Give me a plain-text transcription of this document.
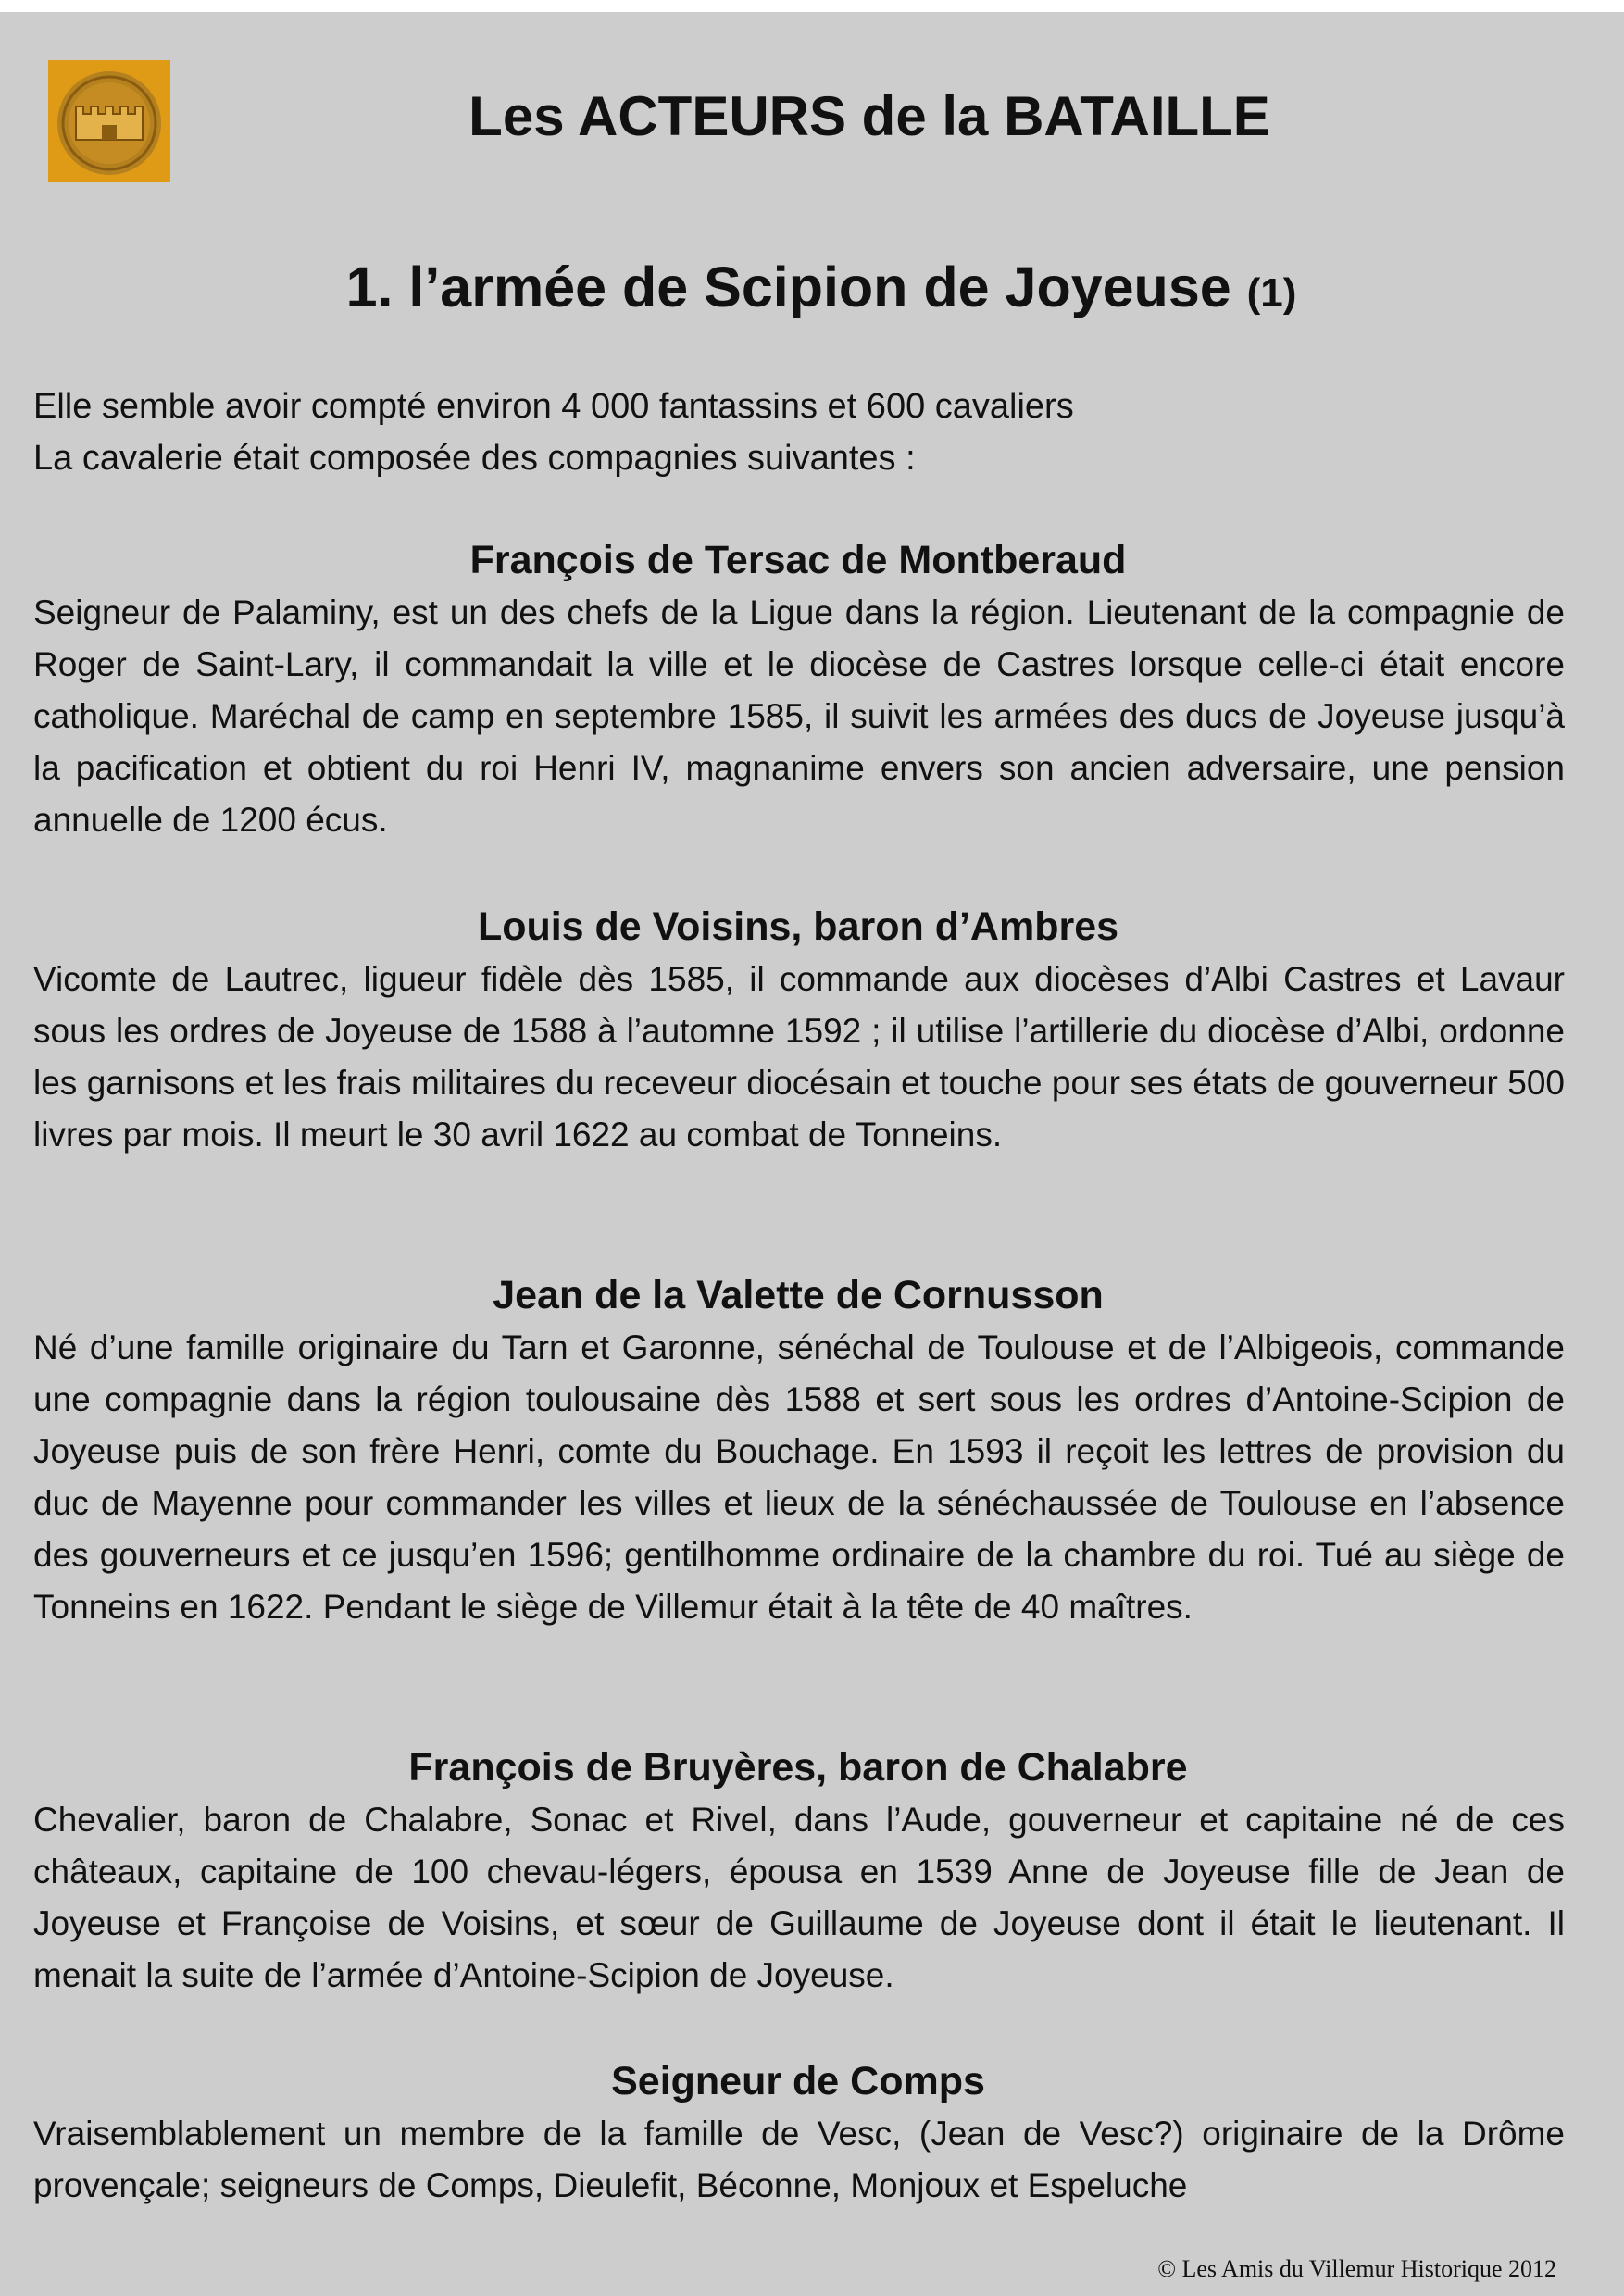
Les ACTEURS de la BATAILLE
1. l’armée de Scipion de Joyeuse (1)

Elle semble avoir compté environ 4 000 fantassins et 600 cavaliers

La cavalerie était composée des compagnies suivantes :

François de Tersac de Montberaud

Seigneur de Palaminy, est un des chefs de la Ligue dans la région. Lieutenant de la compagnie de Roger de Saint-Lary, il commandait la ville et le diocèse de Castres lorsque celle-ci était encore catholique. Maréchal de camp en septembre 1585, il suivit les armées des ducs de Joyeuse jusqu’à la pacification et obtient du roi Henri IV, magnanime envers son ancien adversaire, une pension annuelle de 1200 écus.

Louis de Voisins, baron d’Ambres

Vicomte de Lautrec, ligueur fidèle dès 1585, il commande aux diocèses d’Albi Castres et Lavaur sous les ordres de Joyeuse de 1588 à l’automne 1592 ; il utilise l’artillerie du diocèse d’Albi, ordonne les garnisons et les frais militaires du receveur diocésain et touche pour ses états de gouverneur 500 livres par mois. Il meurt le 30 avril 1622 au combat de Tonneins.

Jean de la Valette de Cornusson

Né d’une famille originaire du Tarn et Garonne, sénéchal de Toulouse et de l’Albigeois, commande une compagnie dans la région toulousaine dès 1588 et sert sous les ordres d’Antoine-Scipion de Joyeuse puis de son frère Henri, comte du Bouchage. En 1593 il reçoit les lettres de provision du duc de Mayenne pour commander les villes et lieux de la sénéchaussée de Toulouse en l’absence des gouverneurs et ce jusqu’en 1596; gentilhomme ordinaire de la chambre du roi. Tué au siège de Tonneins en 1622. Pendant le siège de Villemur était à la tête de 40 maîtres.

François de Bruyères, baron de Chalabre

Chevalier, baron de Chalabre, Sonac et Rivel, dans l’Aude, gouverneur et capitaine né de ces châteaux, capitaine de 100 chevau-légers, épousa en 1539 Anne de Joyeuse fille de Jean de Joyeuse et Françoise de Voisins, et sœur de Guillaume de Joyeuse dont il était le lieutenant. Il menait la suite de l’armée d’Antoine-Scipion de Joyeuse.

Seigneur de Comps

Vraisemblablement un membre de la famille de Vesc, (Jean de Vesc?) originaire de la Drôme provençale; seigneurs de Comps, Dieulefit, Béconne, Monjoux et Espeluche

© Les Amis du Villemur Historique 2012
